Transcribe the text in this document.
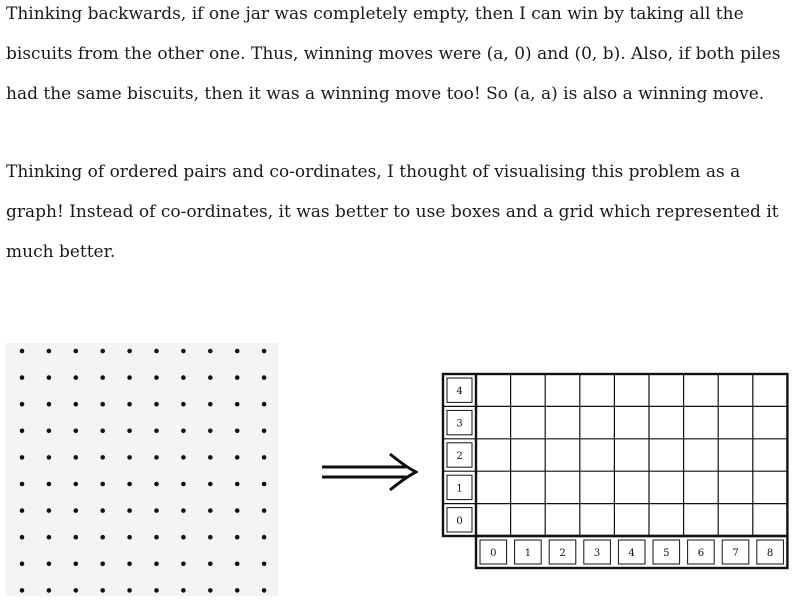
Thinking backwards, if one jar was completely empty, then I can win by taking all the biscuits from the other one. Thus, winning moves were (a, 0) and (0, b). Also, if both piles had the same biscuits, then it was a winning move too! So (a, a) is also a winning move.

Thinking of ordered pairs and co-ordinates, I thought of visualising this problem as a graph! Instead of co-ordinates, it was better to use boxes and a grid which represented it much better.

4
3
2
1
0
0	1	2	3	4	5	6	7	8
